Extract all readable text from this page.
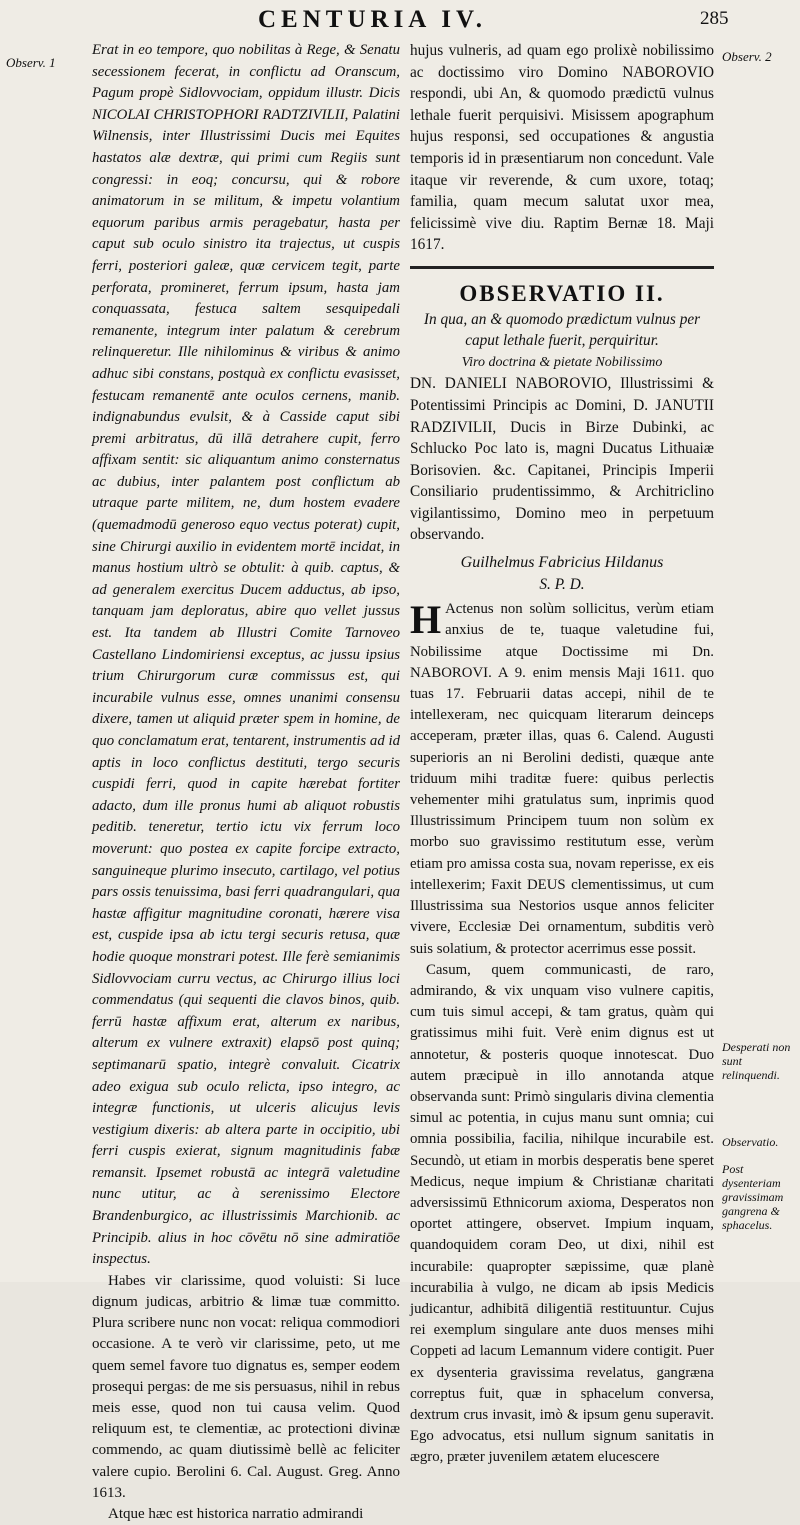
CENTURIA IV.	285
Observ. 1	Observ. 2
Desperati non sunt relinquendi.
Observatio.
Post dysenteriam gravissimam gangrena & sphacelus.

Erat in eo tempore, quo nobilitas à Rege, & Senatu secessionem fecerat, in conflictu ad Oranscum, Pagum propè Sidlovvociam, oppidum illustr. Dicis NICOLAI CHRISTOPHORI RADTZIVILII, Palatini Wilnensis, inter Illustrissimi Ducis mei Equites hastatos alæ dextræ, qui primi cum Regiis sunt congressi: in eoq; concursu, qui & robore animatorum in se militum, & impetu volantium equorum paribus armis peragebatur, hasta per caput sub oculo sinistro ita trajectus, ut cuspis ferri, posteriori galeæ, quæ cervicem tegit, parte perforata, promineret, ferrum ipsum, hasta jam conquassata, festuca saltem sesquipedali remanente, integrum inter palatum & cerebrum relinqueretur. Ille nihilominus & viribus & animo adhuc sibi constans, postquà ex conflictu evasisset, festucam remanentē ante oculos cernens, manib. indignabundus evulsit, & à Casside caput sibi premi arbitratus, dū illā detrahere cupit, ferro affixam sentit: sic aliquantum animo consternatus ac dubius, inter palantem post conflictum ab utraque parte militem, ne, dum hostem evadere (quemadmodū generoso equo vectus poterat) cupit, sine Chirurgi auxilio in evidentem mortē incidat, in manus hostium ultrò se obtulit: à quib. captus, & ad generalem exercitus Ducem adductus, ab ipso, tanquam jam deploratus, abire quo vellet jussus est. Ita tandem ab Illustri Comite Tarnoveo Castellano Lindomiriensi exceptus, ac jussu ipsius trium Chirurgorum curæ commissus est, qui incurabile vulnus esse, omnes unanimi consensu dixere, tamen ut aliquid præter spem in homine, de quo conclamatum erat, tentarent, instrumentis ad id aptis in loco conflictus destituti, tergo securis cuspidi ferri, quod in capite hærebat fortiter adacto, dum ille pronus humi ab aliquot robustis peditib. teneretur, tertio ictu vix ferrum loco moverunt: quo postea ex capite forcipe extracto, sanguineque plurimo insecuto, cartilago, vel potius pars ossis tenuissima, basi ferri quadrangulari, qua hastæ affigitur magnitudine coronati, hærere visa est, cuspide ipsa ab ictu tergi securis retusa, quæ hodie quoque monstrari potest. Ille ferè semianimis Sidlovvociam curru vectus, ac Chirurgo illius loci commendatus (qui sequenti die clavos binos, quib. ferrū hastæ affixum erat, alterum ex naribus, alterum ex vulnere extraxit) elapsō post quinq; septimanarū spatio, integrè convaluit. Cicatrix adeo exigua sub oculo relicta, ipso integro, ac integræ functionis, ut ulceris alicujus levis vestigium dixeris: ab altera parte in occipitio, ubi ferri cuspis exierat, signum magnitudinis fabæ remansit. Ipsemet robustā ac integrā valetudine nunc utitur, ac à serenissimo Electore Brandenburgico, ac illustrissimis Marchionib. ac Principib. alius in hoc cōvētu nō sine admiratiōe inspectus.

Habes vir clarissime, quod voluisti: Si luce dignum judicas, arbitrio & limæ tuæ committo. Plura scribere nunc non vocat: reliqua commodiori occasione. A te verò vir clarissime, peto, ut me quem semel favore tuo dignatus es, semper eodem prosequi pergas: de me sis persuasus, nihil in rebus meis esse, quod non tui causa velim. Quod reliquum est, te clementiæ, ac protectioni divinæ commendo, ac quam diutissimè bellè ac feliciter valere cupio. Berolini 6. Cal. August. Greg. Anno 1613.

Atque hæc est historica narratio admirandi

hujus vulneris, ad quam ego prolixè nobilissimo ac doctissimo viro Domino NABOROVIO respondi, ubi An, & quomodo prædictū vulnus lethale fuerit perquisivi. Misissem apographum hujus responsi, sed occupationes & angustia temporis id in præsentiarum non concedunt. Vale itaque vir reverende, & cum uxore, totaq; familia, quam mecum salutat uxor mea, felicissimè vive diu. Raptim Bernæ 18. Maji 1617.

OBSERVATIO II.

In qua, an & quomodo prædictum vulnus per caput lethale fuerit, perquiritur.

Viro doctrina & pietate Nobilissimo

DN. DANIELI NABOROVIO, Illustrissimi & Potentissimi Principis ac Domini, D. JANUTII RADZIVILII, Ducis in Birze Dubinki, ac Schlucko Poc lato is, magni Ducatus Lithuaiæ Borisovien. &c. Capitanei, Principis Imperii Consiliario prudentissimmo, & Architriclino vigilantissimo, Domino meo in perpetuum observando.

Guilhelmus Fabricius Hildanus

S. P. D.

H Actenus non solùm sollicitus, verùm etiam anxius de te, tuaque valetudine fui, Nobilissime atque Doctissime mi Dn. NABOROVI. A 9. enim mensis Maji 1611. quo tuas 17. Februarii datas accepi, nihil de te intellexeram, nec quicquam literarum deinceps acceperam, præter illas, quas 6. Calend. Augusti superioris an ni Berolini dedisti, quæque ante triduum mihi traditæ fuere: quibus perlectis vehementer mihi gratulatus sum, inprimis quod Illustrissimum Principem tuum non solùm ex morbo suo gravissimo restitutum esse, verùm etiam pro amissa costa sua, novam reperisse, ex eis intellexerim; Faxit DEUS clementissimus, ut cum Illustrissima sua Nestorios usque annos feliciter vivere, Ecclesiæ Dei ornamentum, subditis verò suis solatium, & protector acerrimus esse possit.

Casum, quem communicasti, de raro, admirando, & vix unquam viso vulnere capitis, cum tuis simul accepi, & tam gratus, quàm qui gratissimus mihi fuit. Verè enim dignus est ut annotetur, & posteris quoque innotescat. Duo autem præcipuè in illo annotanda atque observanda sunt: Primò singularis divina clementia simul ac potentia, in cujus manu sunt omnia; cui omnia possibilia, facilia, nihilque incurabile est. Secundò, ut etiam in morbis desperatis bene speret Medicus, neque impium & Christianæ charitati adversissimū Ethnicorum axioma, Desperatos non oportet attingere, observet. Impium inquam, quandoquidem coram Deo, ut dixi, nihil est incurabile: quapropter sæpissime, quæ planè incurabilia à vulgo, ne dicam ab ipsis Medicis judicantur, adhibitā diligentiā restituuntur. Cujus rei exemplum singulare ante duos menses mihi Coppeti ad lacum Lemannum videre contigit. Puer ex dysenteria gravissima revelatus, gangræna correptus fuit, quæ in sphacelum conversa, dextrum crus invasit, imò & ipsum genu superavit. Ego advocatus, etsi nullum signum sanitatis in ægro, præter juvenilem ætatem elucescere
